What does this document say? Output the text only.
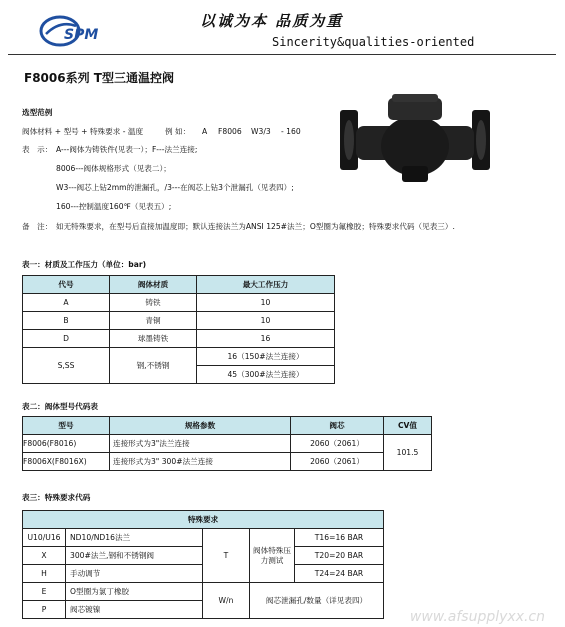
SPM
以诚为本 品质为重
Sincerity&qualities-oriented
F8006系列 T型三通温控阀
选型范例
阀体材料 + 型号 + 特殊要求 - 温度	例 如： A F8006 W3/3 - 160
表　示： A---阀体为铸铁件(见表一）；F---法兰连接;
8006---阀体规格形式（见表二）；
W3---阀芯上钻2mm的泄漏孔，/3---在阀芯上钻3个泄漏孔（见表四）;
160---控制温度160℉（见表五）;
备　注： 如无特殊要求，在型号后直接加温度即；默认连接法兰为ANSI 125#法兰；O型圈为氟橡胶；特殊要求代码（见表三）.
表一：材质及工作压力（单位：bar)
代号	阀体材质	最大工作压力
A	铸铁	10
B	青铜	10
D	球墨铸铁	16
S,SS	钢,不锈钢	16（150#法兰连接）
		45（300#法兰连接）
表二：阀体型号代码表
型号	规格参数	阀芯	CV值
F8006(F8016)	连接形式为3"法兰连接	2060（2061）	101.5
F8006X(F8016X)	连接形式为3" 300#法兰连接	2060（2061）	
表三：特殊要求代码
特殊要求				
U10/U16	ND10/ND16法兰	T	阀体特殊压力测试	T16=16 BAR
X	300#法兰,钢和不锈钢阀			T20=20 BAR
H	手动调节			T24=24 BAR
E	O型圈为氯丁橡胶	W/n	阀芯泄漏孔/数量（详见表四）	
P	阀芯镀镍				www.afsupplyxx.cn
